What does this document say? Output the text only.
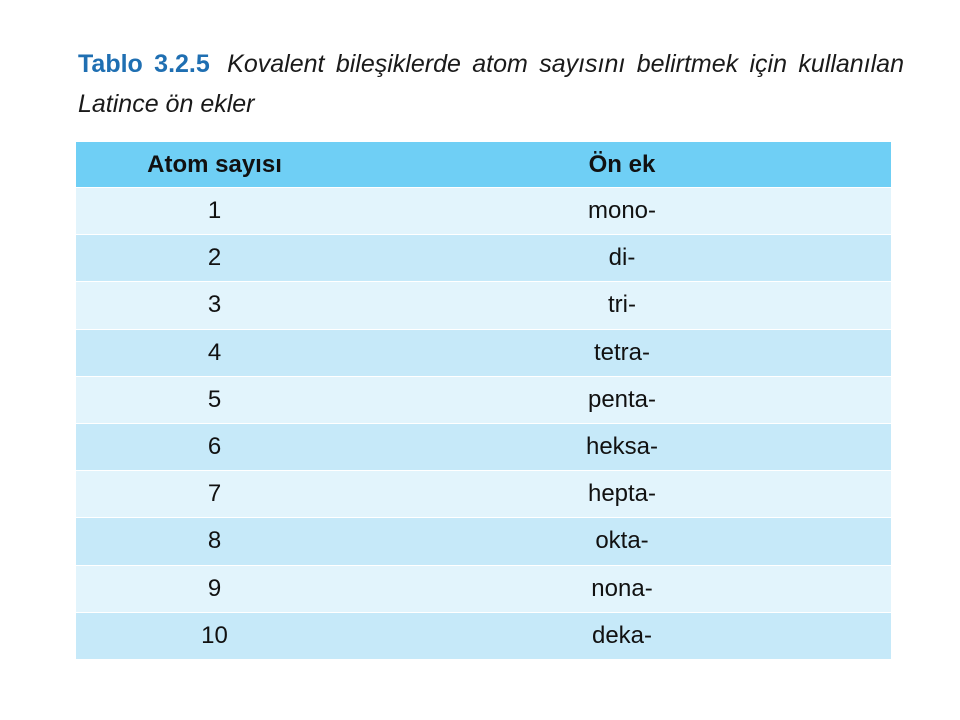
Tablo 3.2.5 Kovalent bileşiklerde atom sayısını belirtmek için kullanılan Latince ön ekler
Atom sayısı	Ön ek
1	mono-
2	di-
3	tri-
4	tetra-
5	penta-
6	heksa-
7	hepta-
8	okta-
9	nona-
10	deka-
